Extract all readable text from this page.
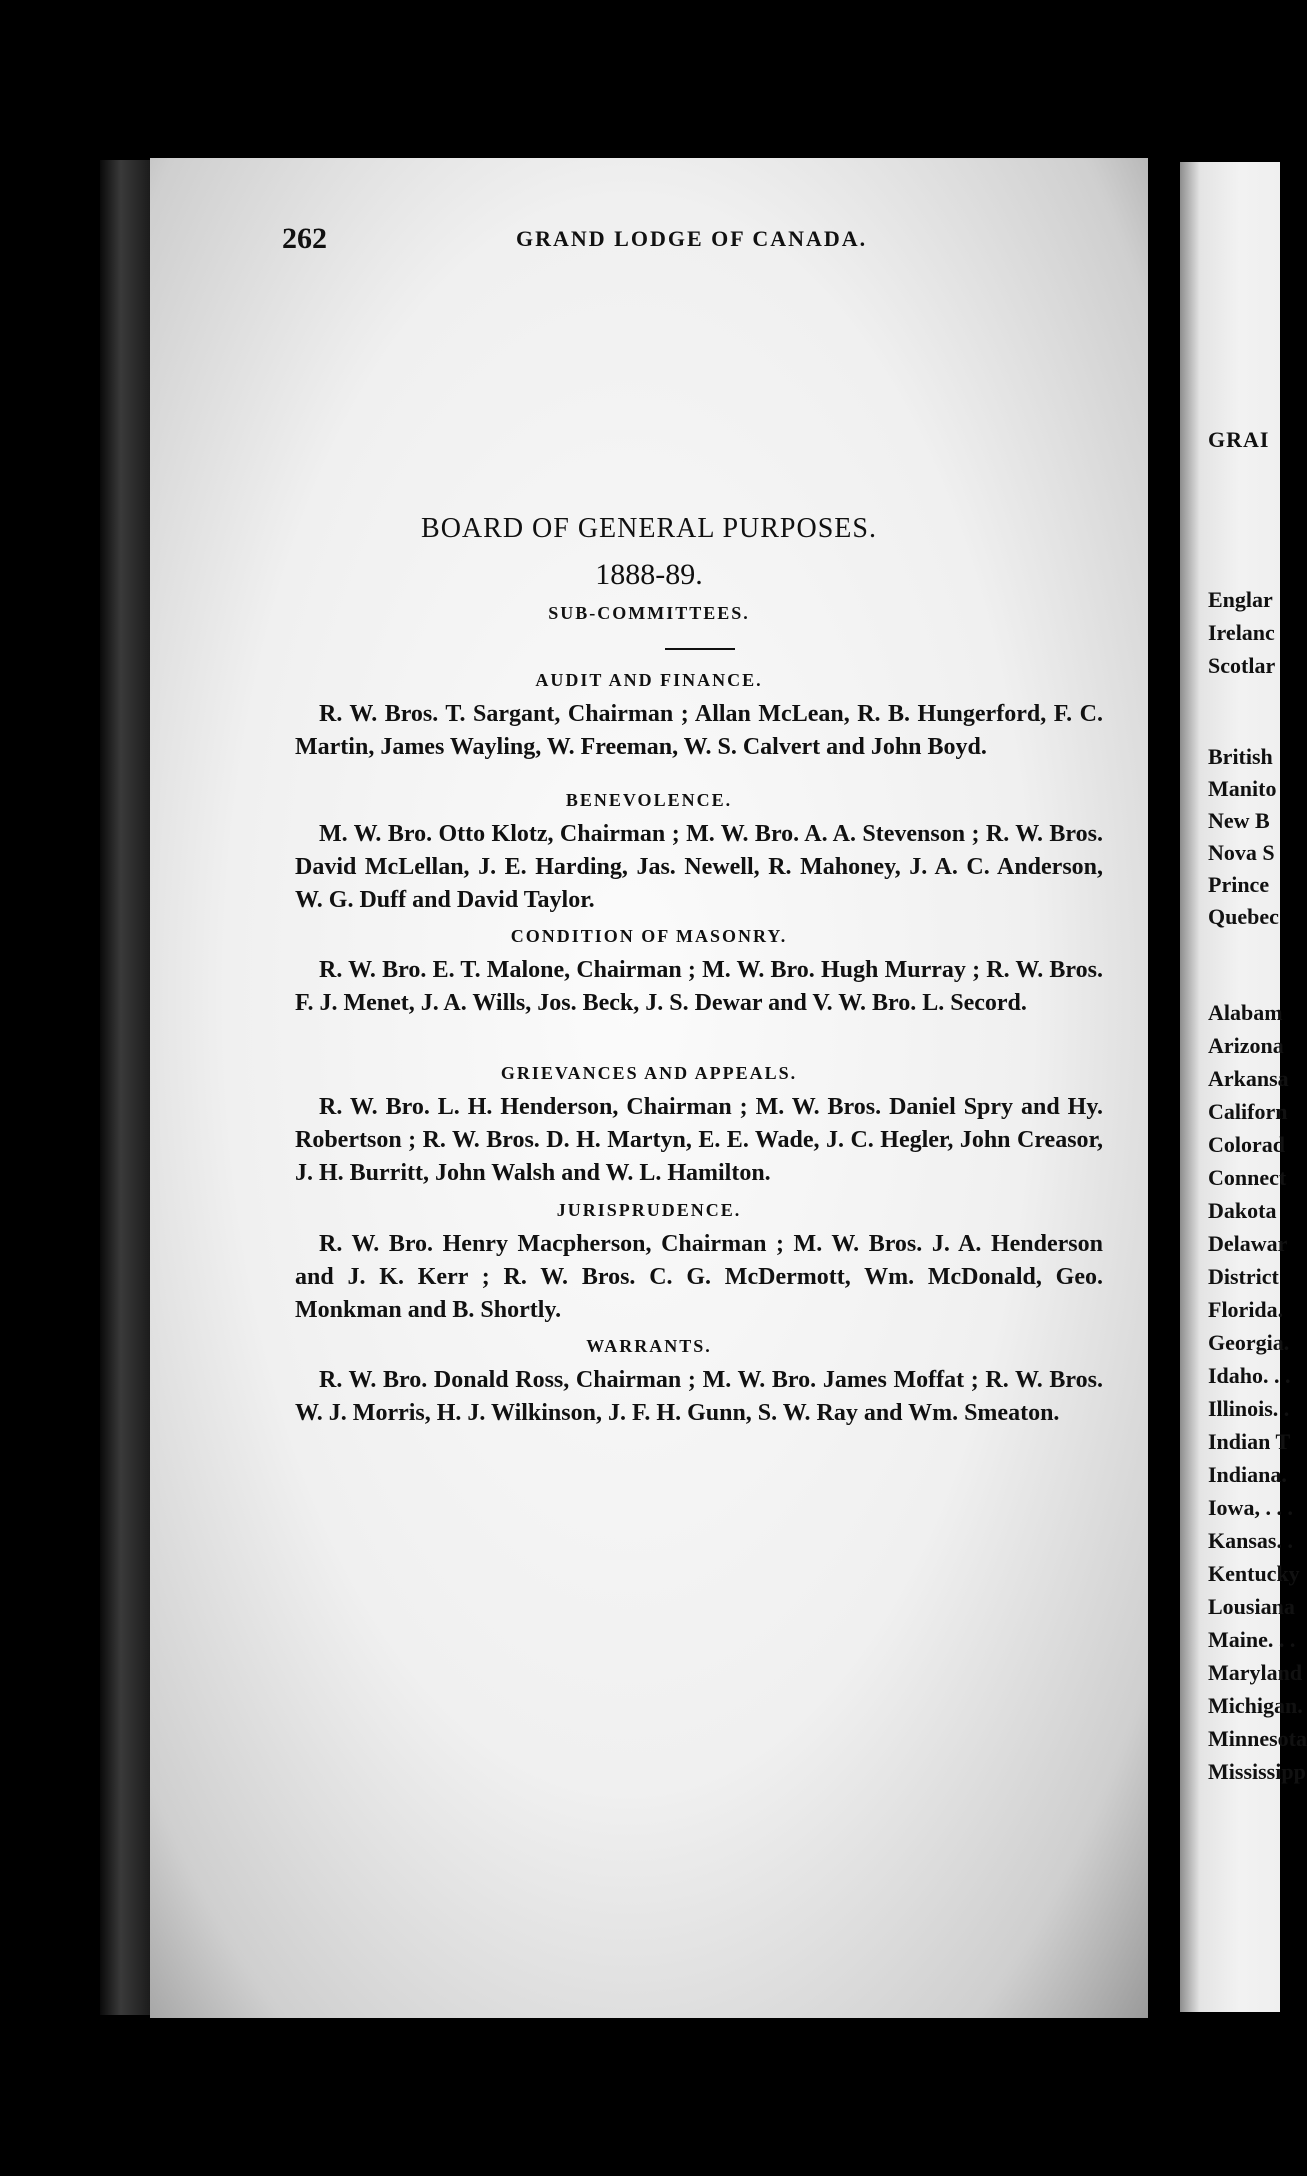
262	GRAND LODGE OF CANADA.
BOARD OF GENERAL PURPOSES.
1888-89.
SUB-COMMITTEES.
AUDIT AND FINANCE.
R. W. Bros. T. Sargant, Chairman ; Allan McLean, R. B. Hungerford, F. C. Martin, James Wayling, W. Freeman, W. S. Calvert and John Boyd.
BENEVOLENCE.
M. W. Bro. Otto Klotz, Chairman ; M. W. Bro. A. A. Stevenson ; R. W. Bros. David McLellan, J. E. Harding, Jas. Newell, R. Mahoney, J. A. C. Anderson, W. G. Duff and David Taylor.
CONDITION OF MASONRY.
R. W. Bro. E. T. Malone, Chairman ; M. W. Bro. Hugh Murray ; R. W. Bros. F. J. Menet, J. A. Wills, Jos. Beck, J. S. Dewar and V. W. Bro. L. Secord.
GRIEVANCES AND APPEALS.
R. W. Bro. L. H. Henderson, Chairman ; M. W. Bros. Daniel Spry and Hy. Robertson ; R. W. Bros. D. H. Martyn, E. E. Wade, J. C. Hegler, John Creasor, J. H. Burritt, John Walsh and W. L. Hamilton.
JURISPRUDENCE.
R. W. Bro. Henry Macpherson, Chairman ; M. W. Bros. J. A. Henderson and J. K. Kerr ; R. W. Bros. C. G. McDermott, Wm. McDonald, Geo. Monkman and B. Shortly.
WARRANTS.
R. W. Bro. Donald Ross, Chairman ; M. W. Bro. James Moffat ; R. W. Bros. W. J. Morris, H. J. Wilkinson, J. F. H. Gunn, S. W. Ray and Wm. Smeaton.
GRAI
Englar
Irelanc
Scotlar
British
Manito
New B
Nova S
Prince
Quebec
Alabam
Arizona
Arkansa
Californ
Colorad
Connect
Dakota
Delawar
District
Florida.
Georgia.
Idaho. . .
Illinois. .
Indian T
Indiana.
Iowa, . . .
Kansas. .
Kentucky
Lousiana
Maine. . .
Maryland
Michigan.
Minnesota
Mississipp
